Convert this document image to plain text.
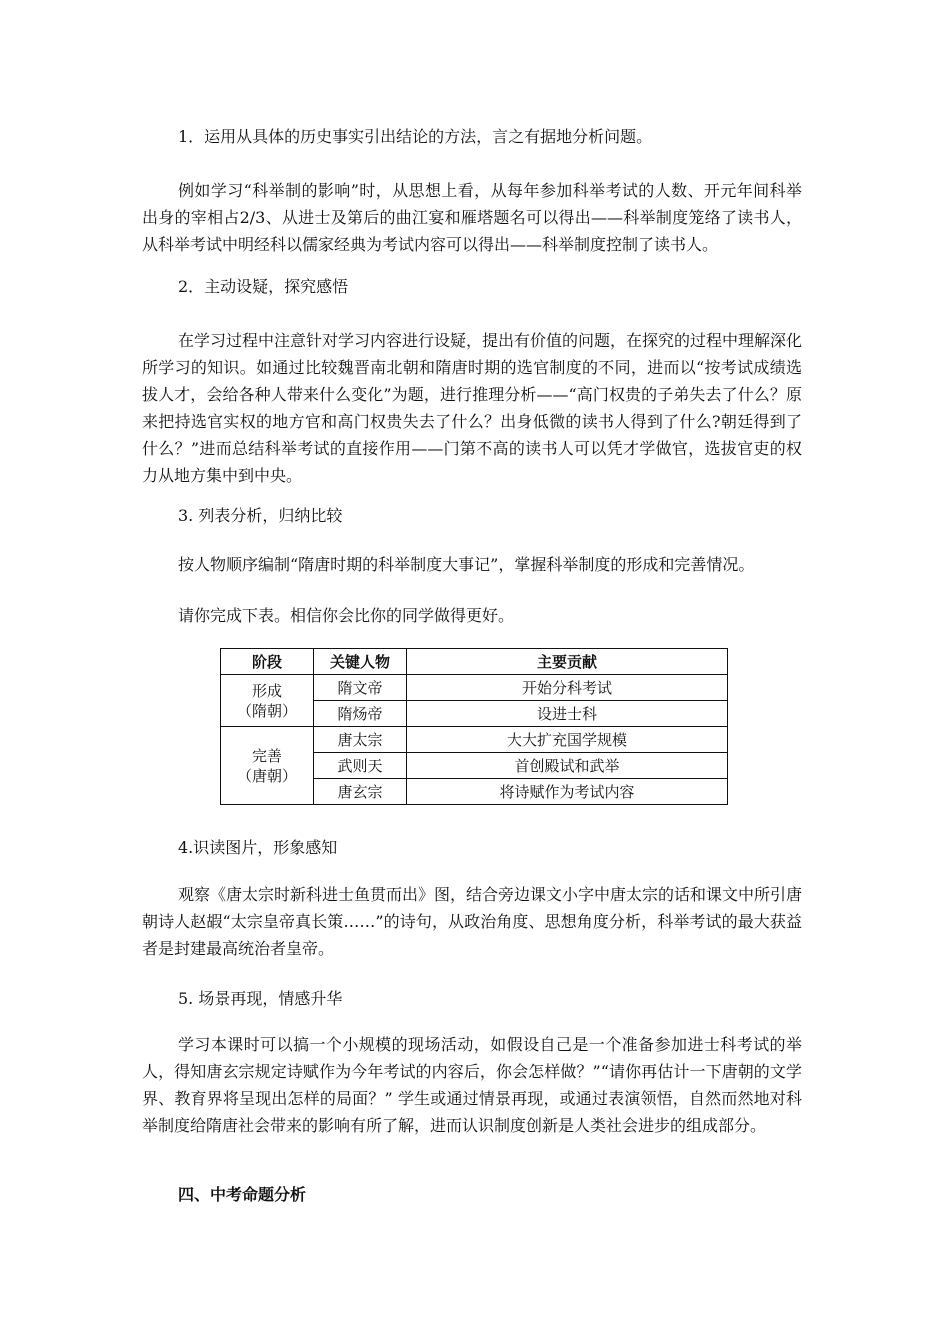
1．运用从具体的历史事实引出结论的方法，言之有据地分析问题。

例如学习“科举制的影响”时，从思想上看，从每年参加科举考试的人数、开元年间科举出身的宰相占2/3、从进士及第后的曲江宴和雁塔题名可以得出——科举制度笼络了读书人，从科举考试中明经科以儒家经典为考试内容可以得出——科举制度控制了读书人。

2．主动设疑，探究感悟

在学习过程中注意针对学习内容进行设疑，提出有价值的问题，在探究的过程中理解深化所学习的知识。如通过比较魏晋南北朝和隋唐时期的选官制度的不同，进而以“按考试成绩选拔人才，会给各种人带来什么变化”为题，进行推理分析——“高门权贵的子弟失去了什么？原来把持选官实权的地方官和高门权贵失去了什么？出身低微的读书人得到了什么?朝廷得到了什么？”进而总结科举考试的直接作用——门第不高的读书人可以凭才学做官，选拔官吏的权力从地方集中到中央。

3. 列表分析，归纳比较

按人物顺序编制“隋唐时期的科举制度大事记”，掌握科举制度的形成和完善情况。

请你完成下表。相信你会比你的同学做得更好。

阶段	关键人物	主要贡献

形成
（隋朝）	隋文帝	开始分科考试
	隋炀帝	设进士科

完善
（唐朝）	唐太宗	大大扩充国学规模
	武则天	首创殿试和武举
	唐玄宗	将诗赋作为考试内容

4.识读图片，形象感知

观察《唐太宗时新科进士鱼贯而出》图，结合旁边课文小字中唐太宗的话和课文中所引唐朝诗人赵嘏“太宗皇帝真长策……”的诗句，从政治角度、思想角度分析，科举考试的最大获益者是封建最高统治者皇帝。

5. 场景再现，情感升华

学习本课时可以搞一个小规模的现场活动，如假设自己是一个准备参加进士科考试的举人，得知唐玄宗规定诗赋作为今年考试的内容后，你会怎样做？”“请你再估计一下唐朝的文学界、教育界将呈现出怎样的局面？” 学生或通过情景再现，或通过表演领悟，自然而然地对科举制度给隋唐社会带来的影响有所了解，进而认识制度创新是人类社会进步的组成部分。

四、中考命题分析
